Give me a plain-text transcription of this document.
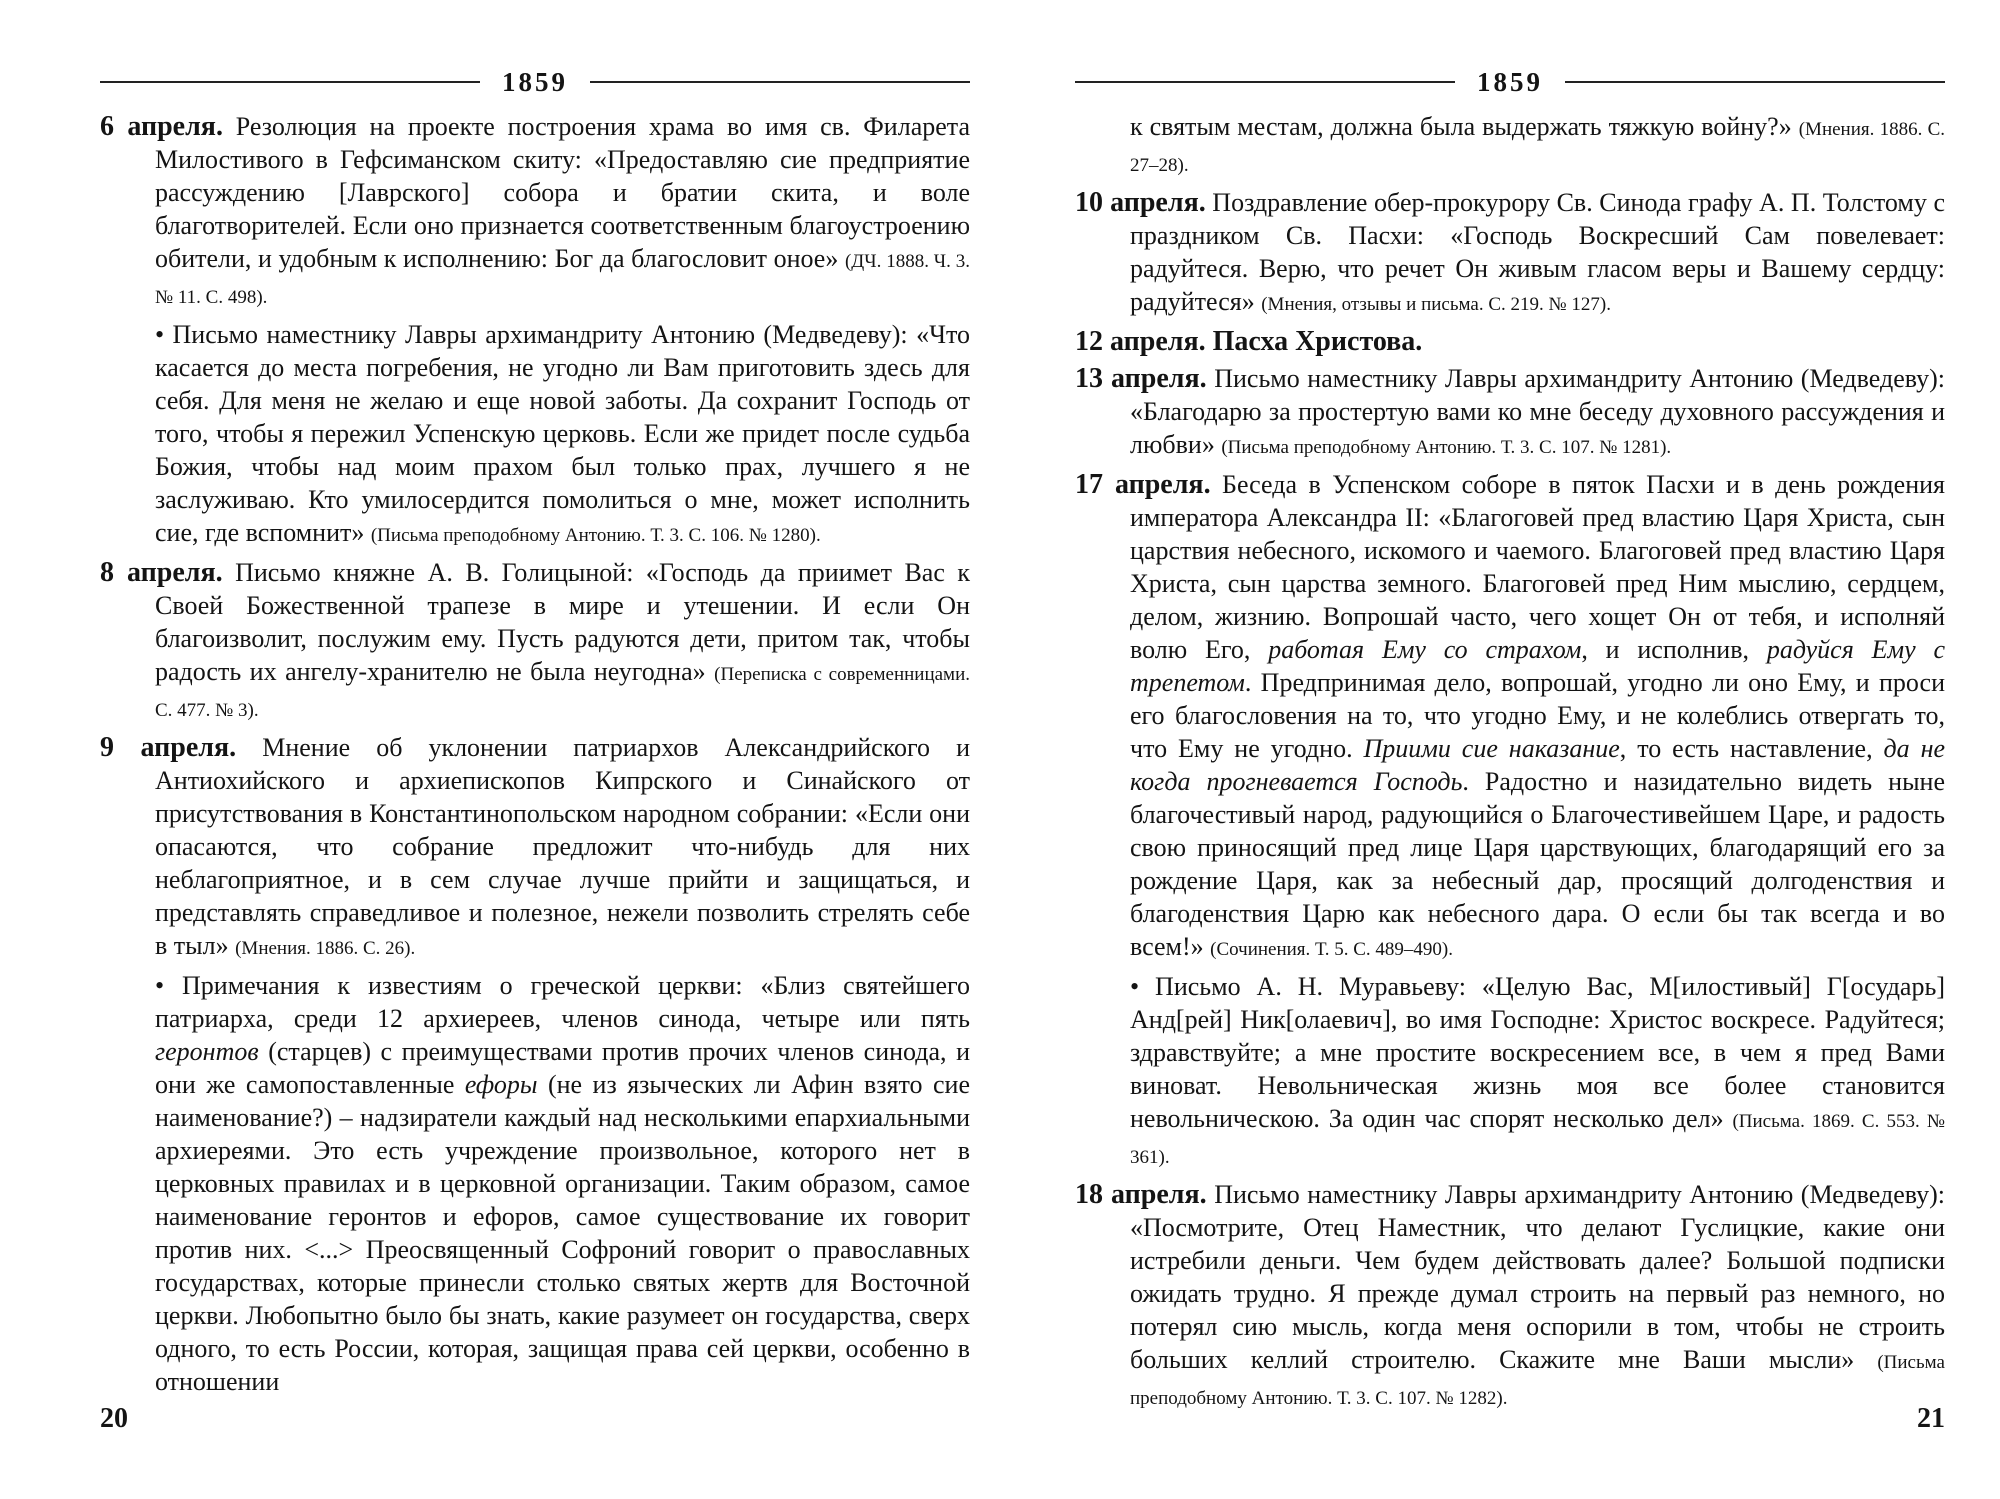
1859

6 апреля. Резолюция на проекте построения храма во имя св. Филарета Милостивого в Гефсиманском скиту: «Предоставляю сие предприятие рассуждению [Лаврского] собора и братии скита, и воле благотворителей. Если оно признается соответственным благоустроению обители, и удобным к исполнению: Бог да благословит оное» (ДЧ. 1888. Ч. 3. № 11. С. 498).

• Письмо наместнику Лавры архимандриту Антонию (Медведеву): «Что касается до места погребения, не угодно ли Вам приготовить здесь для себя. Для меня не желаю и еще новой заботы. Да сохранит Господь от того, чтобы я пережил Успенскую церковь. Если же придет после судьба Божия, чтобы над моим прахом был только прах, лучшего я не заслуживаю. Кто умилосердится помолиться о мне, может исполнить сие, где вспомнит» (Письма преподобному Антонию. Т. 3. С. 106. № 1280).

8 апреля. Письмо княжне А. В. Голицыной: «Господь да приимет Вас к Своей Божественной трапезе в мире и утешении. И если Он благоизволит, послужим ему. Пусть радуются дети, притом так, чтобы радость их ангелу-хранителю не была неугодна» (Переписка с современницами. С. 477. № 3).

9 апреля. Мнение об уклонении патриархов Александрийского и Антиохийского и архиепископов Кипрского и Синайского от присутствования в Константинопольском народном собрании: «Если они опасаются, что собрание предложит что-нибудь для них неблагоприятное, и в сем случае лучше прийти и защищаться, и представлять справедливое и полезное, нежели позволить стрелять себе в тыл» (Мнения. 1886. С. 26).

• Примечания к известиям о греческой церкви: «Близ святейшего патриарха, среди 12 архиереев, членов синода, четыре или пять геронтов (старцев) с преимуществами против прочих членов синода, и они же самопоставленные ефоры (не из языческих ли Афин взято сие наименование?) – надзиратели каждый над несколькими епархиальными архиереями. Это есть учреждение произвольное, которого нет в церковных правилах и в церковной организации. Таким образом, самое наименование геронтов и ефоров, самое существование их говорит против них. <...> Преосвященный Софроний говорит о православных государствах, которые принесли столько святых жертв для Восточной церкви. Любопытно было бы знать, какие разумеет он государства, сверх одного, то есть России, которая, защищая права сей церкви, особенно в отношении

20
1859

к святым местам, должна была выдержать тяжкую войну?» (Мнения. 1886. С. 27–28).

10 апреля. Поздравление обер-прокурору Св. Синода графу А. П. Толстому с праздником Св. Пасхи: «Господь Воскресший Сам повелевает: радуйтеся. Верю, что речет Он живым гласом веры и Вашему сердцу: радуйтеся» (Мнения, отзывы и письма. С. 219. № 127).

12 апреля. Пасха Христова.

13 апреля. Письмо наместнику Лавры архимандриту Антонию (Медведеву): «Благодарю за простертую вами ко мне беседу духовного рассуждения и любви» (Письма преподобному Антонию. Т. 3. С. 107. № 1281).

17 апреля. Беседа в Успенском соборе в пяток Пасхи и в день рождения императора Александра II: «Благоговей пред властию Царя Христа, сын царствия небесного, искомого и чаемого. Благоговей пред властию Царя Христа, сын царства земного. Благоговей пред Ним мыслию, сердцем, делом, жизнию. Вопрошай часто, чего хощет Он от тебя, и исполняй волю Его, работая Ему со страхом, и исполнив, радуйся Ему с трепетом. Предпринимая дело, вопрошай, угодно ли оно Ему, и проси его благословения на то, что угодно Ему, и не колеблись отвергать то, что Ему не угодно. Приими сие наказание, то есть наставление, да не когда прогневается Господь. Радостно и назидательно видеть ныне благочестивый народ, радующийся о Благочестивейшем Царе, и радость свою приносящий пред лице Царя царствующих, благодарящий его за рождение Царя, как за небесный дар, просящий долгоденствия и благоденствия Царю как небесного дара. О если бы так всегда и во всем!» (Сочинения. Т. 5. С. 489–490).

• Письмо А. Н. Муравьеву: «Целую Вас, М[илостивый] Г[осударь] Анд[рей] Ник[олаевич], во имя Господне: Христос воскресе. Радуйтеся; здравствуйте; а мне простите воскресением все, в чем я пред Вами виноват. Невольническая жизнь моя все более становится невольническою. За один час спорят несколько дел» (Письма. 1869. С. 553. № 361).

18 апреля. Письмо наместнику Лавры архимандриту Антонию (Медведеву): «Посмотрите, Отец Наместник, что делают Гуслицкие, какие они истребили деньги. Чем будем действовать далее? Большой подписки ожидать трудно. Я прежде думал строить на первый раз немного, но потерял сию мысль, когда меня оспорили в том, чтобы не строить больших келлий строителю. Скажите мне Ваши мысли» (Письма преподобному Антонию. Т. 3. С. 107. № 1282).

21
